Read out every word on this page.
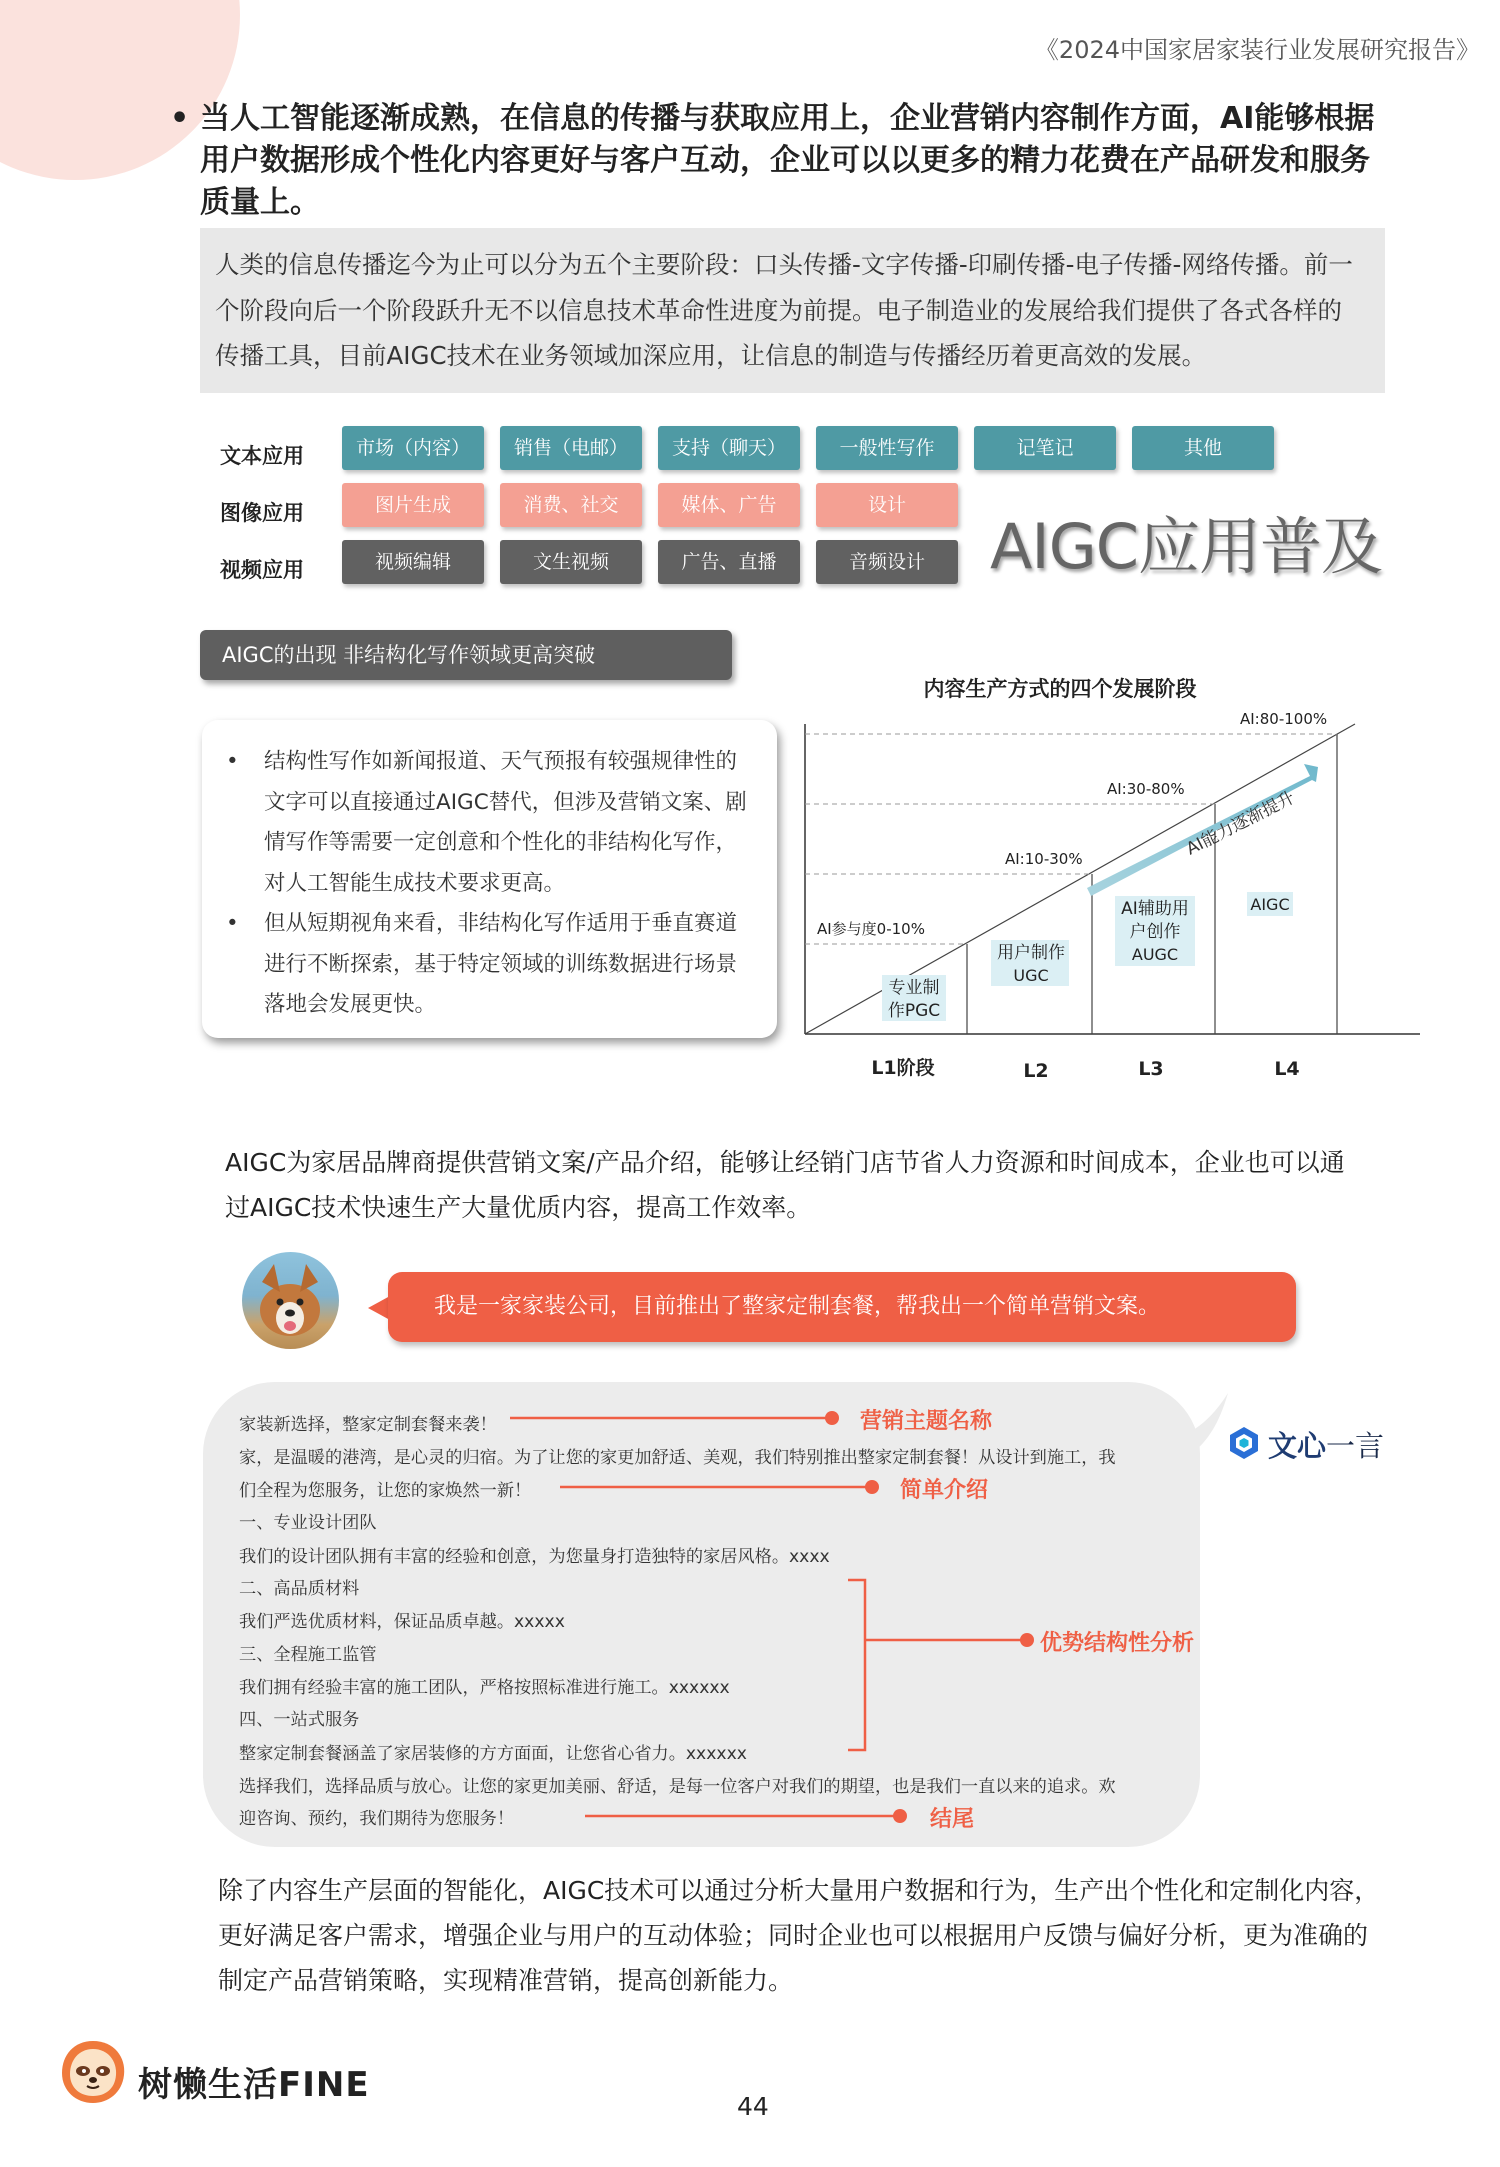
《2024中国家居家装行业发展研究报告》
• 当人工智能逐渐成熟，在信息的传播与获取应用上，企业营销内容制作方面，AI能够根据用户数据形成个性化内容更好与客户互动，企业可以以更多的精力花费在产品研发和服务质量上。
人类的信息传播迄今为止可以分为五个主要阶段：口头传播-文字传播-印刷传播-电子传播-网络传播。前一个阶段向后一个阶段跃升无不以信息技术革命性进度为前提。电子制造业的发展给我们提供了各式各样的传播工具，目前AIGC技术在业务领域加深应用，让信息的制造与传播经历着更高效的发展。
文本应用
图像应用
视频应用
市场（内容）	销售（电邮）	支持（聊天）	一般性写作	记笔记	其他
图片生成	消费、社交	媒体、广告	设计
视频编辑	文生视频	广告、直播	音频设计	AIGC应用普及
AIGC的出现 非结构化写作领域更高突破
• 结构性写作如新闻报道、天气预报有较强规律性的文字可以直接通过AIGC替代，但涉及营销文案、剧情写作等需要一定创意和个性化的非结构化写作，对人工智能生成技术要求更高。
• 但从短期视角来看，非结构化写作适用于垂直赛道进行不断探索，基于特定领域的训练数据进行场景落地会发展更快。
内容生产方式的四个发展阶段
AI参与度0-10%
AI:10-30%
AI:30-80%
AI:80-100%
AI能力逐渐提升
专业制
作PGC
用户制作
UGC
AI辅助用
户创作
AUGC
AIGC
L1阶段	L2	L3	L4
AIGC为家居品牌商提供营销文案/产品介绍，能够让经销门店节省人力资源和时间成本，企业也可以通过AIGC技术快速生产大量优质内容，提高工作效率。
我是一家家装公司，目前推出了整家定制套餐，帮我出一个简单营销文案。
家装新选择，整家定制套餐来袭！
家，是温暖的港湾，是心灵的归宿。为了让您的家更加舒适、美观，我们特别推出整家定制套餐！从设计到施工，我
们全程为您服务，让您的家焕然一新！
一、专业设计团队
我们的设计团队拥有丰富的经验和创意，为您量身打造独特的家居风格。xxxx
二、高品质材料
我们严选优质材料，保证品质卓越。xxxxx
三、全程施工监管
我们拥有经验丰富的施工团队，严格按照标准进行施工。xxxxxx
四、一站式服务
整家定制套餐涵盖了家居装修的方方面面，让您省心省力。xxxxxx
选择我们，选择品质与放心。让您的家更加美丽、舒适，是每一位客户对我们的期望，也是我们一直以来的追求。欢
迎咨询、预约，我们期待为您服务！
营销主题名称
简单介绍
优势结构性分析
结尾
文心一言
除了内容生产层面的智能化，AIGC技术可以通过分析大量用户数据和行为，生产出个性化和定制化内容，更好满足客户需求，增强企业与用户的互动体验；同时企业也可以根据用户反馈与偏好分析，更为准确的制定产品营销策略，实现精准营销，提高创新能力。
树懒生活FINE
44
